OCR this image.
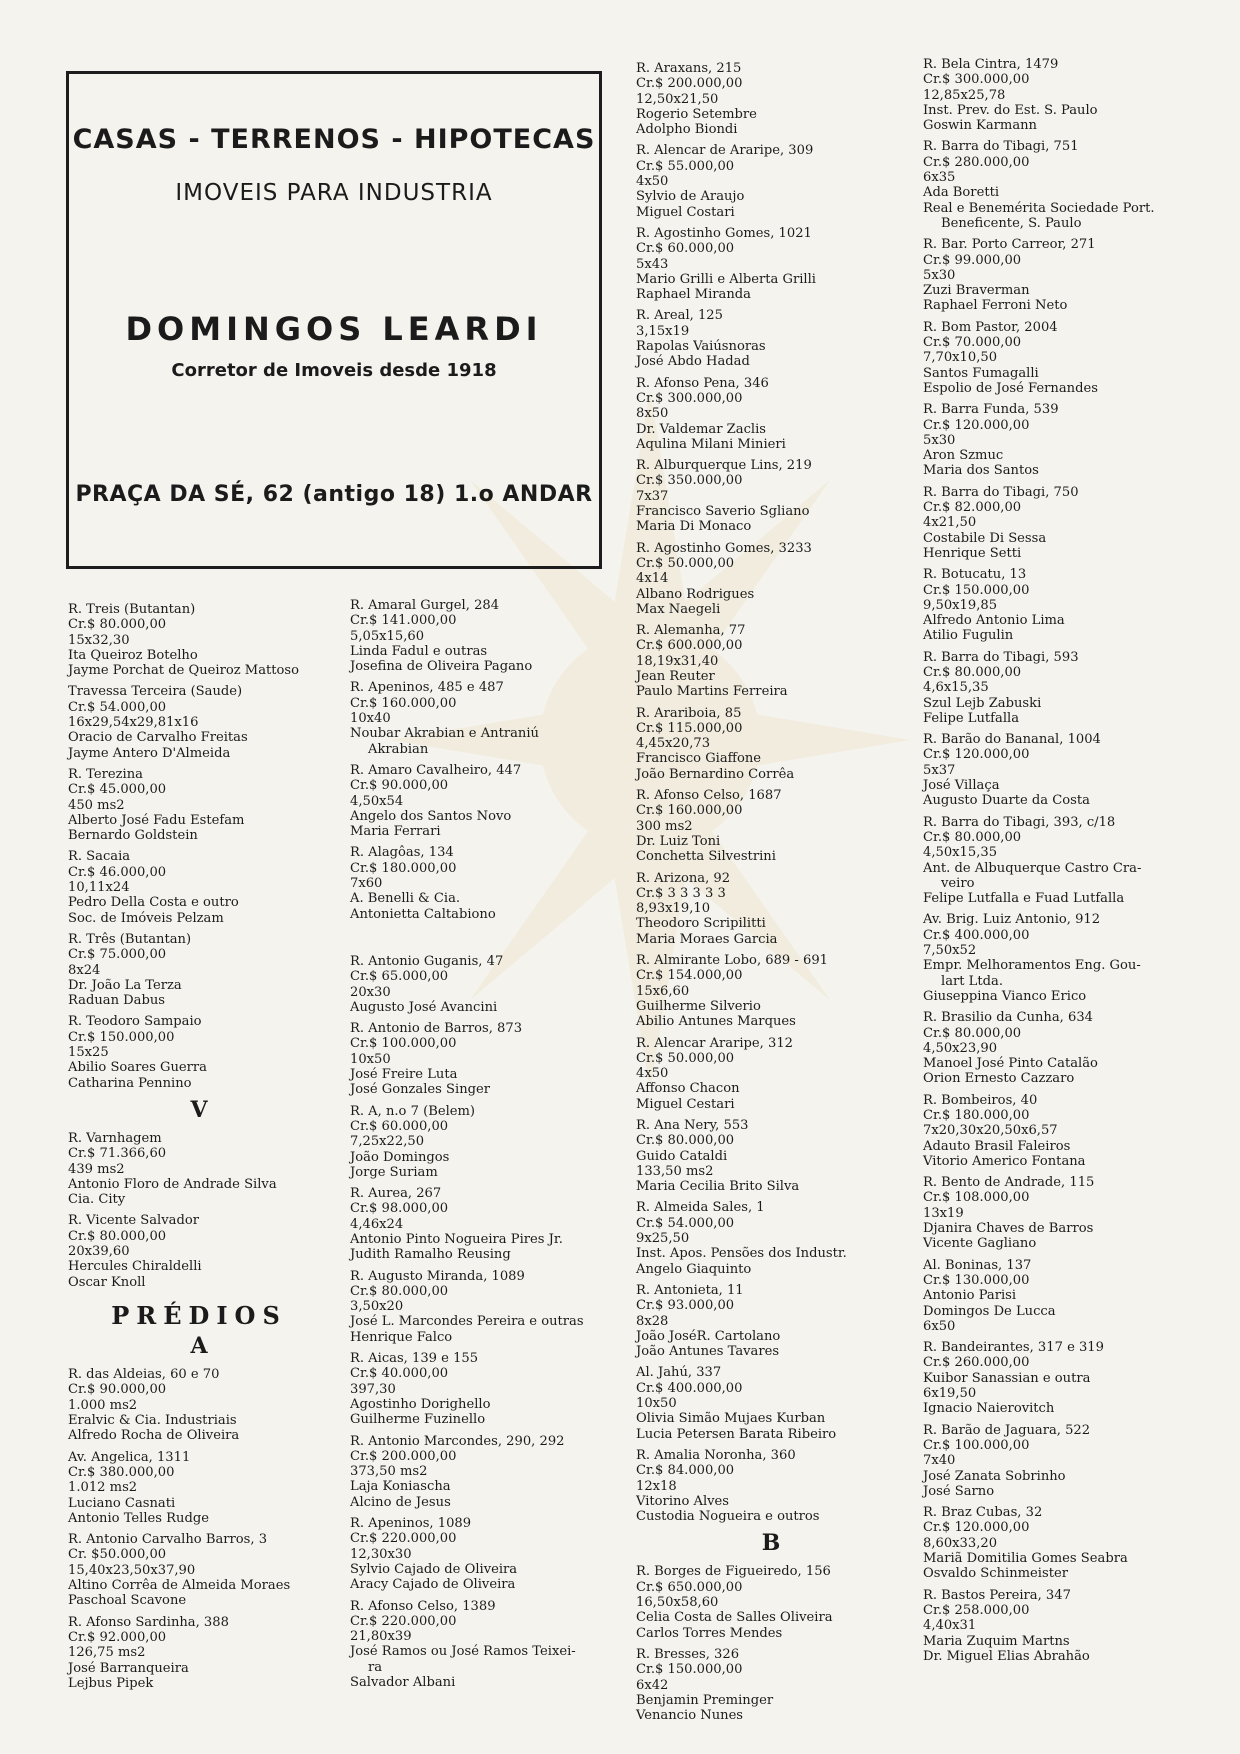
CASAS - TERRENOS - HIPOTECAS
IMOVEIS PARA INDUSTRIA
DOMINGOS LEARDI
Corretor de Imoveis desde 1918
PRAÇA DA SÉ, 62 (antigo 18) 1.o ANDAR
R. Treis (Butantan)
Cr.$ 80.000,00
15x32,30
Ita Queiroz Botelho
Jayme Porchat de Queiroz Mattoso
Travessa Terceira (Saude)
Cr.$ 54.000,00
16x29,54x29,81x16
Oracio de Carvalho Freitas
Jayme Antero D'Almeida
R. Terezina
Cr.$ 45.000,00
450 ms2
Alberto José Fadu Estefam
Bernardo Goldstein
R. Sacaia
Cr.$ 46.000,00
10,11x24
Pedro Della Costa e outro
Soc. de Imóveis Pelzam
R. Três (Butantan)
Cr.$ 75.000,00
8x24
Dr. João La Terza
Raduan Dabus
R. Teodoro Sampaio
Cr.$ 150.000,00
15x25
Abilio Soares Guerra
Catharina Pennino
V
R. Varnhagem
Cr.$ 71.366,60
439 ms2
Antonio Floro de Andrade Silva
Cia. City
R. Vicente Salvador
Cr.$ 80.000,00
20x39,60
Hercules Chiraldelli
Oscar Knoll
PRÉDIOS
A
R. das Aldeias, 60 e 70
Cr.$ 90.000,00
1.000 ms2
Eralvic & Cia. Industriais
Alfredo Rocha de Oliveira
Av. Angelica, 1311
Cr.$ 380.000,00
1.012 ms2
Luciano Casnati
Antonio Telles Rudge
R. Antonio Carvalho Barros, 3
Cr. $50.000,00
15,40x23,50x37,90
Altino Corrêa de Almeida Moraes
Paschoal Scavone
R. Afonso Sardinha, 388
Cr.$ 92.000,00
126,75 ms2
José Barranqueira
Lejbus Pipek
R. Amaral Gurgel, 284
Cr.$ 141.000,00
5,05x15,60
Linda Fadul e outras
Josefina de Oliveira Pagano
R. Apeninos, 485 e 487
Cr.$ 160.000,00
10x40
Noubar Akrabian e Antraniú
Akrabian
R. Amaro Cavalheiro, 447
Cr.$ 90.000,00
4,50x54
Angelo dos Santos Novo
Maria Ferrari
R. Alagôas, 134
Cr.$ 180.000,00
7x60
A. Benelli & Cia.
Antonietta Caltabiono
R. Antonio Guganis, 47
Cr.$ 65.000,00
20x30
Augusto José Avancini
R. Antonio de Barros, 873
Cr.$ 100.000,00
10x50
José Freire Luta
José Gonzales Singer
R. A, n.o 7 (Belem)
Cr.$ 60.000,00
7,25x22,50
João Domingos
Jorge Suriam
R. Aurea, 267
Cr.$ 98.000,00
4,46x24
Antonio Pinto Nogueira Pires Jr.
Judith Ramalho Reusing
R. Augusto Miranda, 1089
Cr.$ 80.000,00
3,50x20
José L. Marcondes Pereira e outras
Henrique Falco
R. Aicas, 139 e 155
Cr.$ 40.000,00
397,30
Agostinho Dorighello
Guilherme Fuzinello
R. Antonio Marcondes, 290, 292
Cr.$ 200.000,00
373,50 ms2
Laja Koniascha
Alcino de Jesus
R. Apeninos, 1089
Cr.$ 220.000,00
12,30x30
Sylvio Cajado de Oliveira
Aracy Cajado de Oliveira
R. Afonso Celso, 1389
Cr.$ 220.000,00
21,80x39
José Ramos ou José Ramos Teixei-
ra
Salvador Albani
R. Araxans, 215
Cr.$ 200.000,00
12,50x21,50
Rogerio Setembre
Adolpho Biondi
R. Alencar de Araripe, 309
Cr.$ 55.000,00
4x50
Sylvio de Araujo
Miguel Costari
R. Agostinho Gomes, 1021
Cr.$ 60.000,00
5x43
Mario Grilli e Alberta Grilli
Raphael Miranda
R. Areal, 125
3,15x19
Rapolas Vaiúsnoras
José Abdo Hadad
R. Afonso Pena, 346
Cr.$ 300.000,00
8x50
Dr. Valdemar Zaclis
Aqulina Milani Minieri
R. Alburquerque Lins, 219
Cr.$ 350.000,00
7x37
Francisco Saverio Sgliano
Maria Di Monaco
R. Agostinho Gomes, 3233
Cr.$ 50.000,00
4x14
Albano Rodrigues
Max Naegeli
R. Alemanha, 77
Cr.$ 600.000,00
18,19x31,40
Jean Reuter
Paulo Martins Ferreira
R. Arariboia, 85
Cr.$ 115.000,00
4,45x20,73
Francisco Giaffone
João Bernardino Corrêa
R. Afonso Celso, 1687
Cr.$ 160.000,00
300 ms2
Dr. Luiz Toni
Conchetta Silvestrini
R. Arizona, 92
Cr.$ 3 3 3 3 3
8,93x19,10
Theodoro Scripilitti
Maria Moraes Garcia
R. Almirante Lobo, 689 - 691
Cr.$ 154.000,00
15x6,60
Guilherme Silverio
Abilio Antunes Marques
R. Alencar Araripe, 312
Cr.$ 50.000,00
4x50
Affonso Chacon
Miguel Cestari
R. Ana Nery, 553
Cr.$ 80.000,00
Guido Cataldi
133,50 ms2
Maria Cecilia Brito Silva
R. Almeida Sales, 1
Cr.$ 54.000,00
9x25,50
Inst. Apos. Pensões dos Industr.
Angelo Giaquinto
R. Antonieta, 11
Cr.$ 93.000,00
8x28
João JoséR. Cartolano
João Antunes Tavares
Al. Jahú, 337
Cr.$ 400.000,00
10x50
Olivia Simão Mujaes Kurban
Lucia Petersen Barata Ribeiro
R. Amalia Noronha, 360
Cr.$ 84.000,00
12x18
Vitorino Alves
Custodia Nogueira e outros
B
R. Borges de Figueiredo, 156
Cr.$ 650.000,00
16,50x58,60
Celia Costa de Salles Oliveira
Carlos Torres Mendes
R. Bresses, 326
Cr.$ 150.000,00
6x42
Benjamin Preminger
Venancio Nunes
R. Bela Cintra, 1479
Cr.$ 300.000,00
12,85x25,78
Inst. Prev. do Est. S. Paulo
Goswin Karmann
R. Barra do Tibagi, 751
Cr.$ 280.000,00
6x35
Ada Boretti
Real e Benemérita Sociedade Port.
Beneficente, S. Paulo
R. Bar. Porto Carreor, 271
Cr.$ 99.000,00
5x30
Zuzi Braverman
Raphael Ferroni Neto
R. Bom Pastor, 2004
Cr.$ 70.000,00
7,70x10,50
Santos Fumagalli
Espolio de José Fernandes
R. Barra Funda, 539
Cr.$ 120.000,00
5x30
Aron Szmuc
Maria dos Santos
R. Barra do Tibagi, 750
Cr.$ 82.000,00
4x21,50
Costabile Di Sessa
Henrique Setti
R. Botucatu, 13
Cr.$ 150.000,00
9,50x19,85
Alfredo Antonio Lima
Atilio Fugulin
R. Barra do Tibagi, 593
Cr.$ 80.000,00
4,6x15,35
Szul Lejb Zabuski
Felipe Lutfalla
R. Barão do Bananal, 1004
Cr.$ 120.000,00
5x37
José Villaça
Augusto Duarte da Costa
R. Barra do Tibagi, 393, c/18
Cr.$ 80.000,00
4,50x15,35
Ant. de Albuquerque Castro Cra-
veiro
Felipe Lutfalla e Fuad Lutfalla
Av. Brig. Luiz Antonio, 912
Cr.$ 400.000,00
7,50x52
Empr. Melhoramentos Eng. Gou-
lart Ltda.
Giuseppina Vianco Erico
R. Brasilio da Cunha, 634
Cr.$ 80.000,00
4,50x23,90
Manoel José Pinto Catalão
Orion Ernesto Cazzaro
R. Bombeiros, 40
Cr.$ 180.000,00
7x20,30x20,50x6,57
Adauto Brasil Faleiros
Vitorio Americo Fontana
R. Bento de Andrade, 115
Cr.$ 108.000,00
13x19
Djanira Chaves de Barros
Vicente Gagliano
Al. Boninas, 137
Cr.$ 130.000,00
Antonio Parisi
Domingos De Lucca
6x50
R. Bandeirantes, 317 e 319
Cr.$ 260.000,00
Kuibor Sanassian e outra
6x19,50
Ignacio Naierovitch
R. Barão de Jaguara, 522
Cr.$ 100.000,00
7x40
José Zanata Sobrinho
José Sarno
R. Braz Cubas, 32
Cr.$ 120.000,00
8,60x33,20
Mariã Domitilia Gomes Seabra
Osvaldo Schinmeister
R. Bastos Pereira, 347
Cr.$ 258.000,00
4,40x31
Maria Zuquim Martns
Dr. Miguel Elias Abrahão
